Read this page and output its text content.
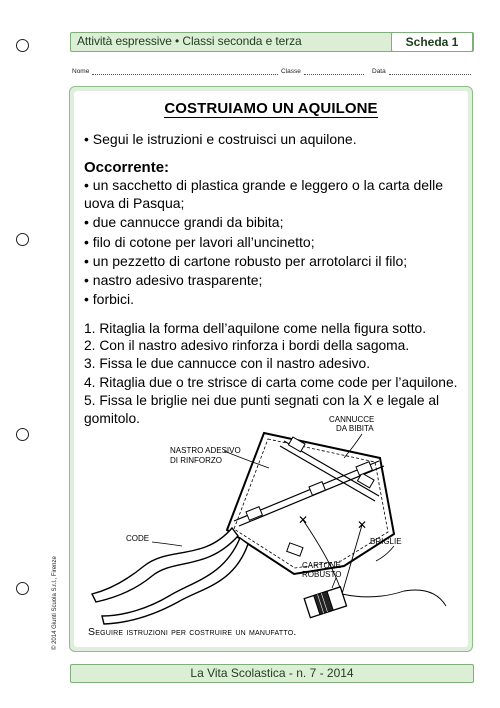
Attività espressive • Classi seconda e terza	Scheda 1
Nome	Classe	Data
COSTRUIAMO UN AQUILONE
• Segui le istruzioni e costruisci un aquilone.
Occorrente:
• un sacchetto di plastica grande e leggero o la carta delle
uova di Pasqua;
• due cannucce grandi da bibita;
• filo di cotone per lavori all’uncinetto;
• un pezzetto di cartone robusto per arrotolarci il filo;
• nastro adesivo trasparente;
• forbici.
1. Ritaglia la forma dell’aquilone come nella figura sotto.
2. Con il nastro adesivo rinforza i bordi della sagoma.
3. Fissa le due cannucce con il nastro adesivo.
4. Ritaglia due o tre strisce di carta come code per l’aquilone.
5. Fissa le briglie nei due punti segnati con la X e legale al
gomitolo.
✕	✕
CANNUCCE
DA BIBITA
NASTRO ADESIVO
DI RINFORZO
CODE	BRIGLIE
CARTONE
ROBUSTO
Seguire istruzioni per costruire un manufatto.
© 2014 Giunti Scuola S.r.l., Firenze
La Vita Scolastica - n. 7 - 2014
